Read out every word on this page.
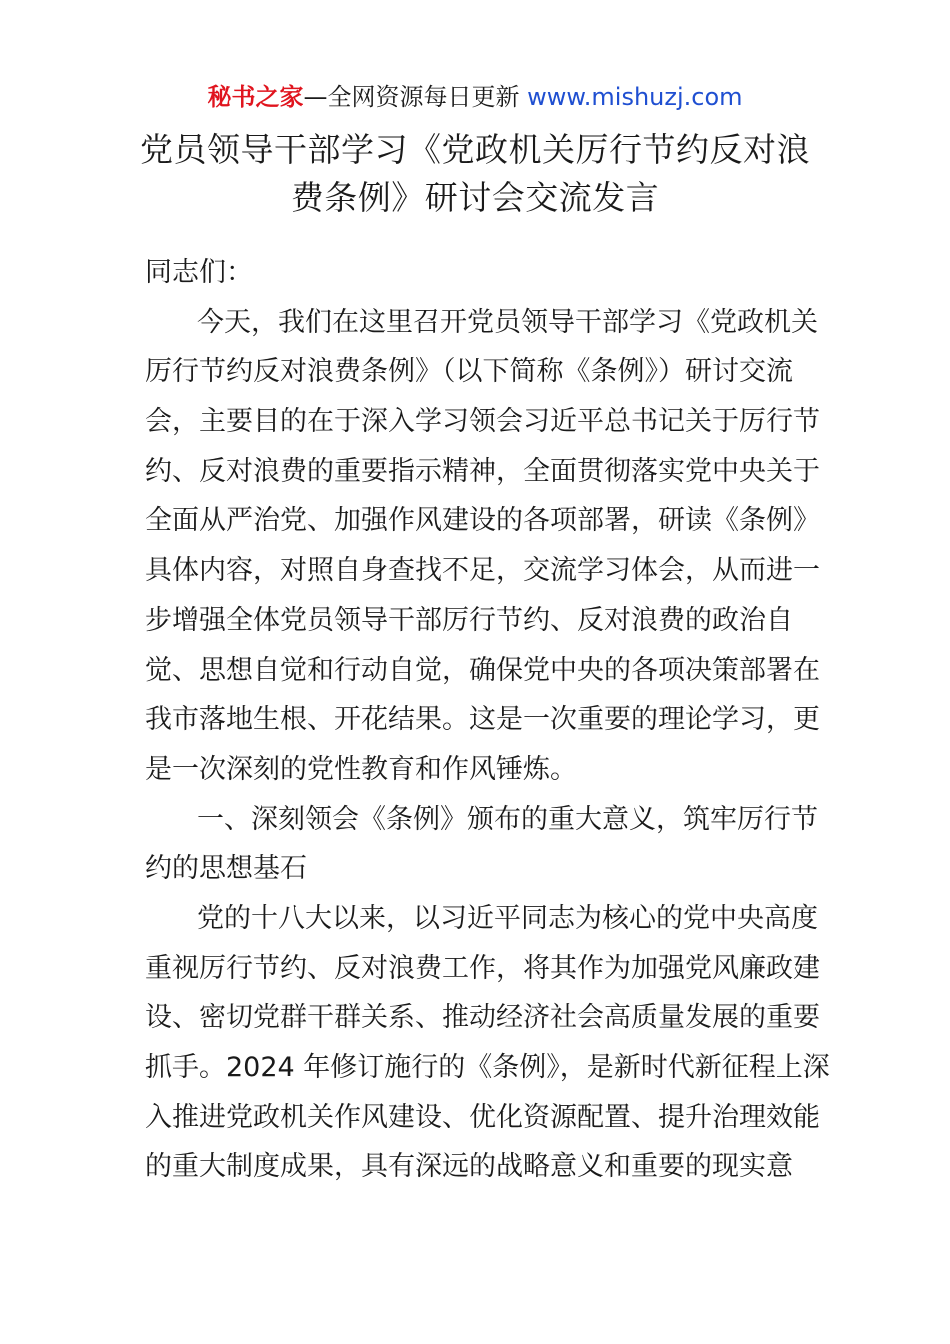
秘书之家—全网资源每日更新 www.mishuzj.com
党员领导干部学习《党政机关厉行节约反对浪
费条例》研讨会交流发言
同志们：
今天，我们在这里召开党员领导干部学习《党政机关
厉行节约反对浪费条例》（以下简称《条例》）研讨交流
会，主要目的在于深入学习领会习近平总书记关于厉行节
约、反对浪费的重要指示精神，全面贯彻落实党中央关于
全面从严治党、加强作风建设的各项部署，研读《条例》
具体内容，对照自身查找不足，交流学习体会，从而进一
步增强全体党员领导干部厉行节约、反对浪费的政治自
觉、思想自觉和行动自觉，确保党中央的各项决策部署在
我市落地生根、开花结果。这是一次重要的理论学习，更
是一次深刻的党性教育和作风锤炼。
一、深刻领会《条例》颁布的重大意义，筑牢厉行节
约的思想基石
党的十八大以来，以习近平同志为核心的党中央高度
重视厉行节约、反对浪费工作，将其作为加强党风廉政建
设、密切党群干群关系、推动经济社会高质量发展的重要
抓手。2024 年修订施行的《条例》，是新时代新征程上深
入推进党政机关作风建设、优化资源配置、提升治理效能
的重大制度成果，具有深远的战略意义和重要的现实意
